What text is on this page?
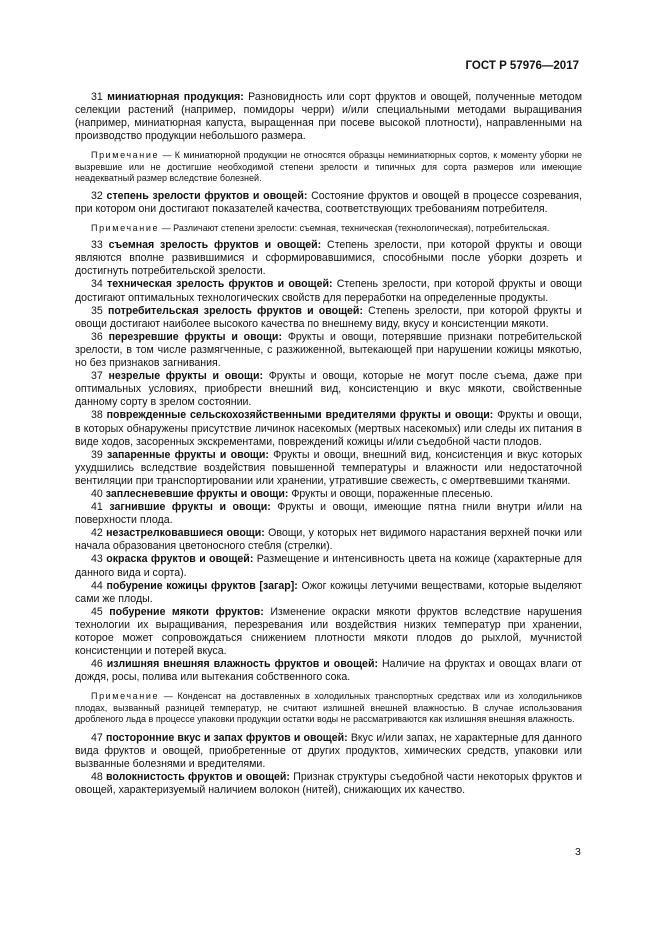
ГОСТ Р 57976—2017

31 миниатюрная продукция: Разновидность или сорт фруктов и овощей, полученные методом селекции растений (например, помидоры черри) и/или специальными методами выращивания (например, миниатюрная капуста, выращенная при посеве высокой плотности), направленными на производство продукции небольшого размера.

Примечание — К миниатюрной продукции не относятся образцы неминиатюрных сортов, к моменту уборки не вызревшие или не достигшие необходимой степени зрелости и типичных для сорта размеров или имеющие неадекватный размер вследствие болезней.

32 степень зрелости фруктов и овощей: Состояние фруктов и овощей в процессе созревания, при котором они достигают показателей качества, соответствующих требованиям потребителя.

Примечание — Различают степени зрелости: съемная, техническая (технологическая), потребительская.

33 съемная зрелость фруктов и овощей: Степень зрелости, при которой фрукты и овощи являются вполне развившимися и сформировавшимися, способными после уборки дозреть и достигнуть потребительской зрелости.

34 техническая зрелость фруктов и овощей: Степень зрелости, при которой фрукты и овощи достигают оптимальных технологических свойств для переработки на определенные продукты.

35 потребительская зрелость фруктов и овощей: Степень зрелости, при которой фрукты и овощи достигают наиболее высокого качества по внешнему виду, вкусу и консистенции мякоти.

36 перезревшие фрукты и овощи: Фрукты и овощи, потерявшие признаки потребительской зрелости, в том числе размягченные, с разжиженной, вытекающей при нарушении кожицы мякотью, но без признаков загнивания.

37 незрелые фрукты и овощи: Фрукты и овощи, которые не могут после съема, даже при оптимальных условиях, приобрести внешний вид, консистенцию и вкус мякоти, свойственные данному сорту в зрелом состоянии.

38 поврежденные сельскохозяйственными вредителями фрукты и овощи: Фрукты и овощи, в которых обнаружены присутствие личинок насекомых (мертвых насекомых) или следы их питания в виде ходов, засоренных экскрементами, повреждений кожицы и/или съедобной части плодов.

39 запаренные фрукты и овощи: Фрукты и овощи, внешний вид, консистенция и вкус которых ухудшились вследствие воздействия повышенной температуры и влажности или недостаточной вентиляции при транспортировании или хранении, утратившие свежесть, с омертвевшими тканями.

40 заплесневевшие фрукты и овощи: Фрукты и овощи, пораженные плесенью.

41 загнившие фрукты и овощи: Фрукты и овощи, имеющие пятна гнили внутри и/или на поверхности плода.

42 незастрелковавшиеся овощи: Овощи, у которых нет видимого нарастания верхней почки или начала образования цветоносного стебля (стрелки).

43 окраска фруктов и овощей: Размещение и интенсивность цвета на кожице (характерные для данного вида и сорта).

44 побурение кожицы фруктов [загар]: Ожог кожицы летучими веществами, которые выделяют сами же плоды.

45 побурение мякоти фруктов: Изменение окраски мякоти фруктов вследствие нарушения технологии их выращивания, перезревания или воздействия низких температур при хранении, которое может сопровождаться снижением плотности мякоти плодов до рыхлой, мучнистой консистенции и потерей вкуса.

46 излишняя внешняя влажность фруктов и овощей: Наличие на фруктах и овощах влаги от дождя, росы, полива или вытекания собственного сока.

Примечание — Конденсат на доставленных в холодильных транспортных средствах или из холодильников плодах, вызванный разницей температур, не считают излишней внешней влажностью. В случае использования дробленого льда в процессе упаковки продукции остатки воды не рассматриваются как излишняя внешняя влажность.

47 посторонние вкус и запах фруктов и овощей: Вкус и/или запах, не характерные для данного вида фруктов и овощей, приобретенные от других продуктов, химических средств, упаковки или вызванные болезнями и вредителями.

48 волокнистость фруктов и овощей: Признак структуры съедобной части некоторых фруктов и овощей, характеризуемый наличием волокон (нитей), снижающих их качество.

3
